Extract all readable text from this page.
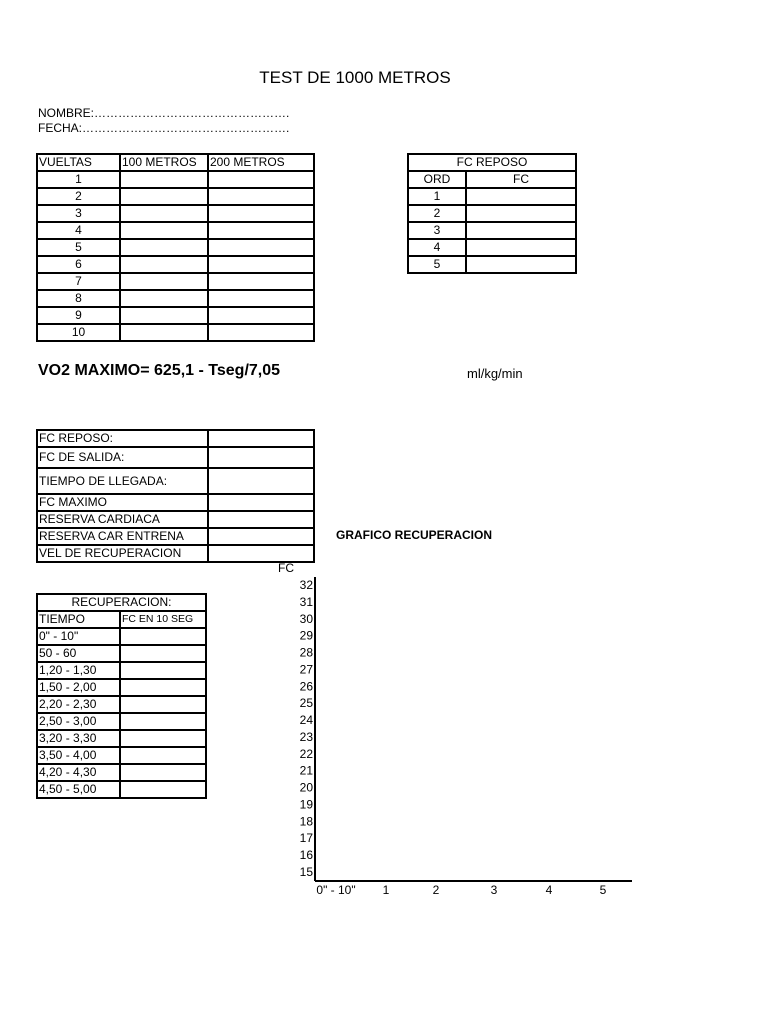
TEST DE 1000 METROS
NOMBRE:………………………………………….
FECHA:…………………………………………….
VUELTAS	100 METROS	200 METROS
1		
2		
3		
4		
5		
6		
7		
8		
9		
10		
FC REPOSO	
ORD	FC
1	
2	
3	
4	
5	
VO2 MAXIMO= 625,1 - Tseg/7,05	ml/kg/min
FC REPOSO:	
FC DE SALIDA:	
TIEMPO DE LLEGADA:	
FC MAXIMO	
RESERVA CARDIACA	
RESERVA CAR ENTRENA	
VEL DE RECUPERACION	
RECUPERACION:	
TIEMPO	FC EN 10 SEG
0" - 10"	
50 - 60	
1,20 - 1,30	
1,50 - 2,00	
2,20 - 2,30	
2,50 - 3,00	
3,20 - 3,30	
3,50 - 4,00	
4,20 - 4,30	
4,50 - 5,00	
GRAFICO RECUPERACION
FC
32
31
30
29
28
27
26
25
24
23
22
21
20
19
18
17
16
15
0" - 10" 1	2	3	4	5
